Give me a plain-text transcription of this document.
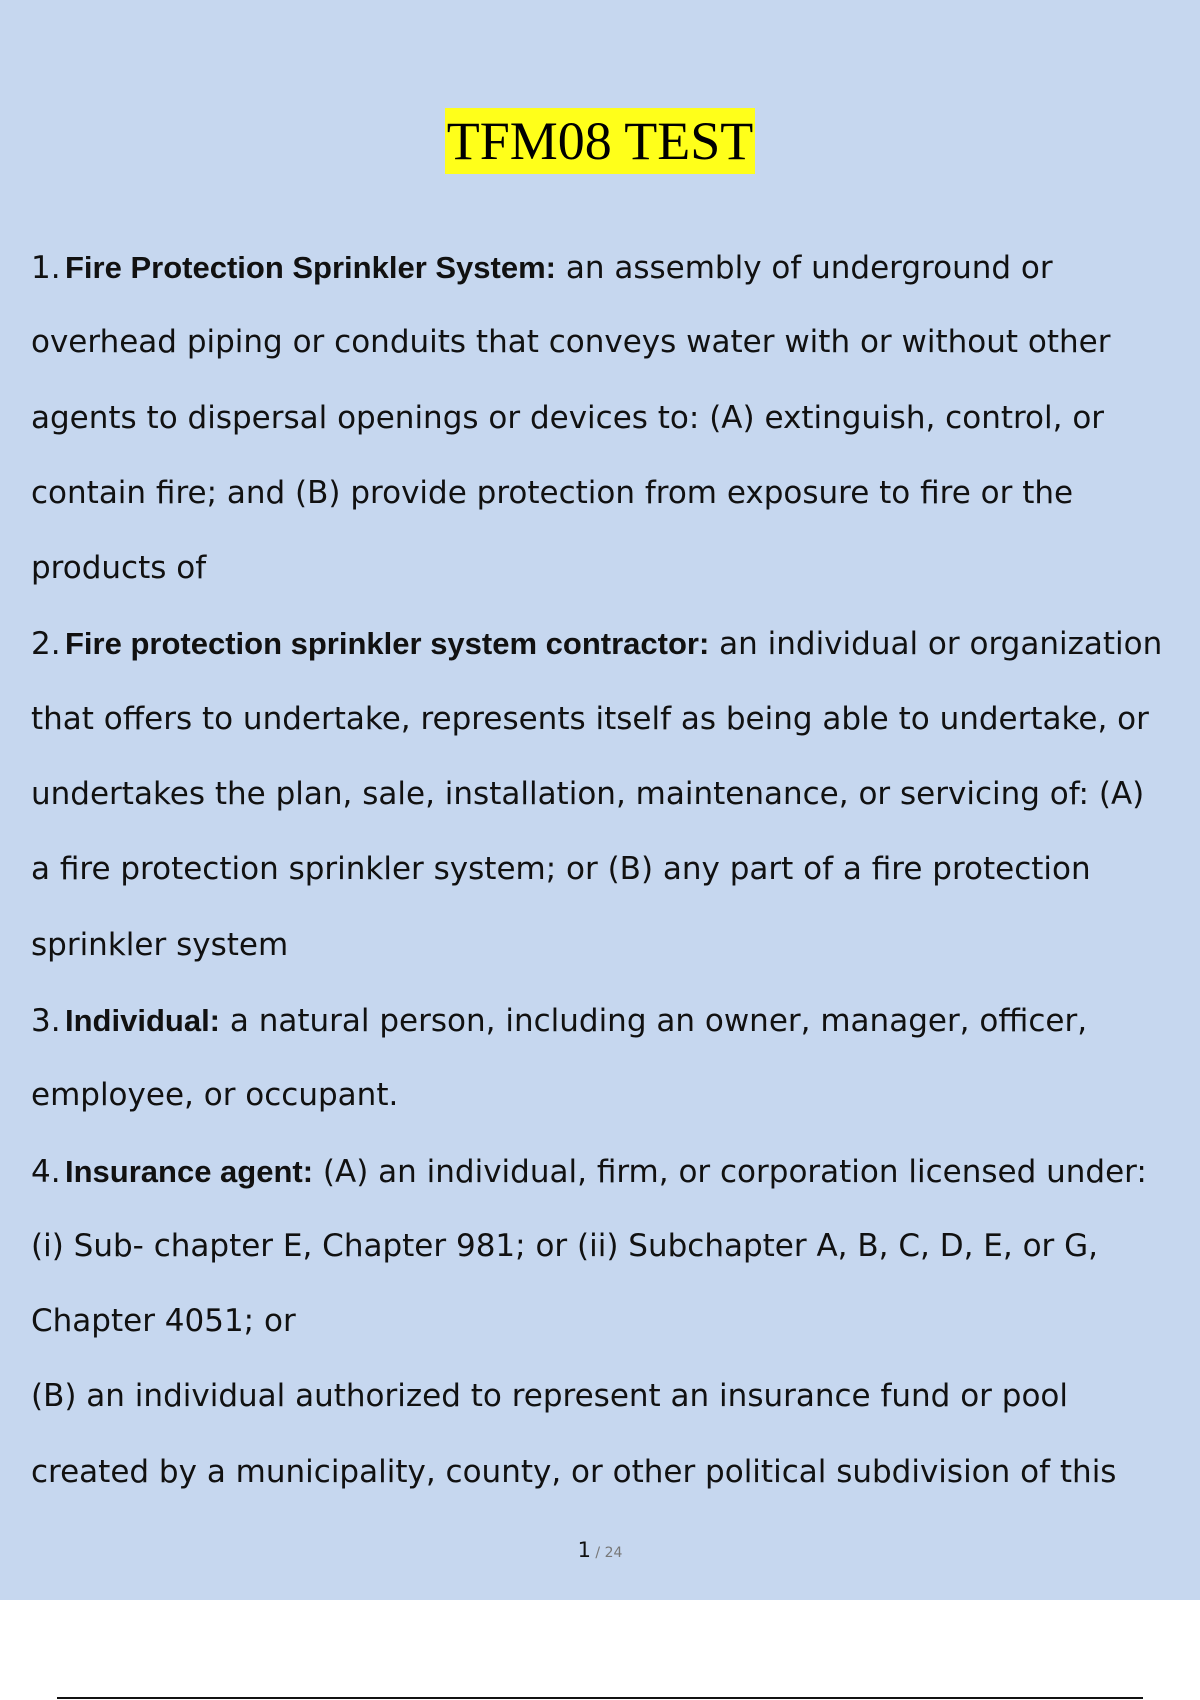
TFM08 TEST
1. Fire Protection Sprinkler System: an assembly of underground or
overhead piping or conduits that conveys water with or without other
agents to dispersal openings or devices to: (A) extinguish, control, or
contain fire; and (B) provide protection from exposure to fire or the
products of
2. Fire protection sprinkler system contractor: an individual or organization
that offers to undertake, represents itself as being able to undertake, or
undertakes the plan, sale, installation, maintenance, or servicing of: (A)
a fire protection sprinkler system; or (B) any part of a fire protection
sprinkler system
3. Individual: a natural person, including an owner, manager, officer,
employee, or occupant.
4. Insurance agent: (A) an individual, firm, or corporation licensed under:
(i) Sub- chapter E, Chapter 981; or (ii) Subchapter A, B, C, D, E, or G,
Chapter 4051; or
(B) an individual authorized to represent an insurance fund or pool
created by a municipality, county, or other political subdivision of this
1 / 24
